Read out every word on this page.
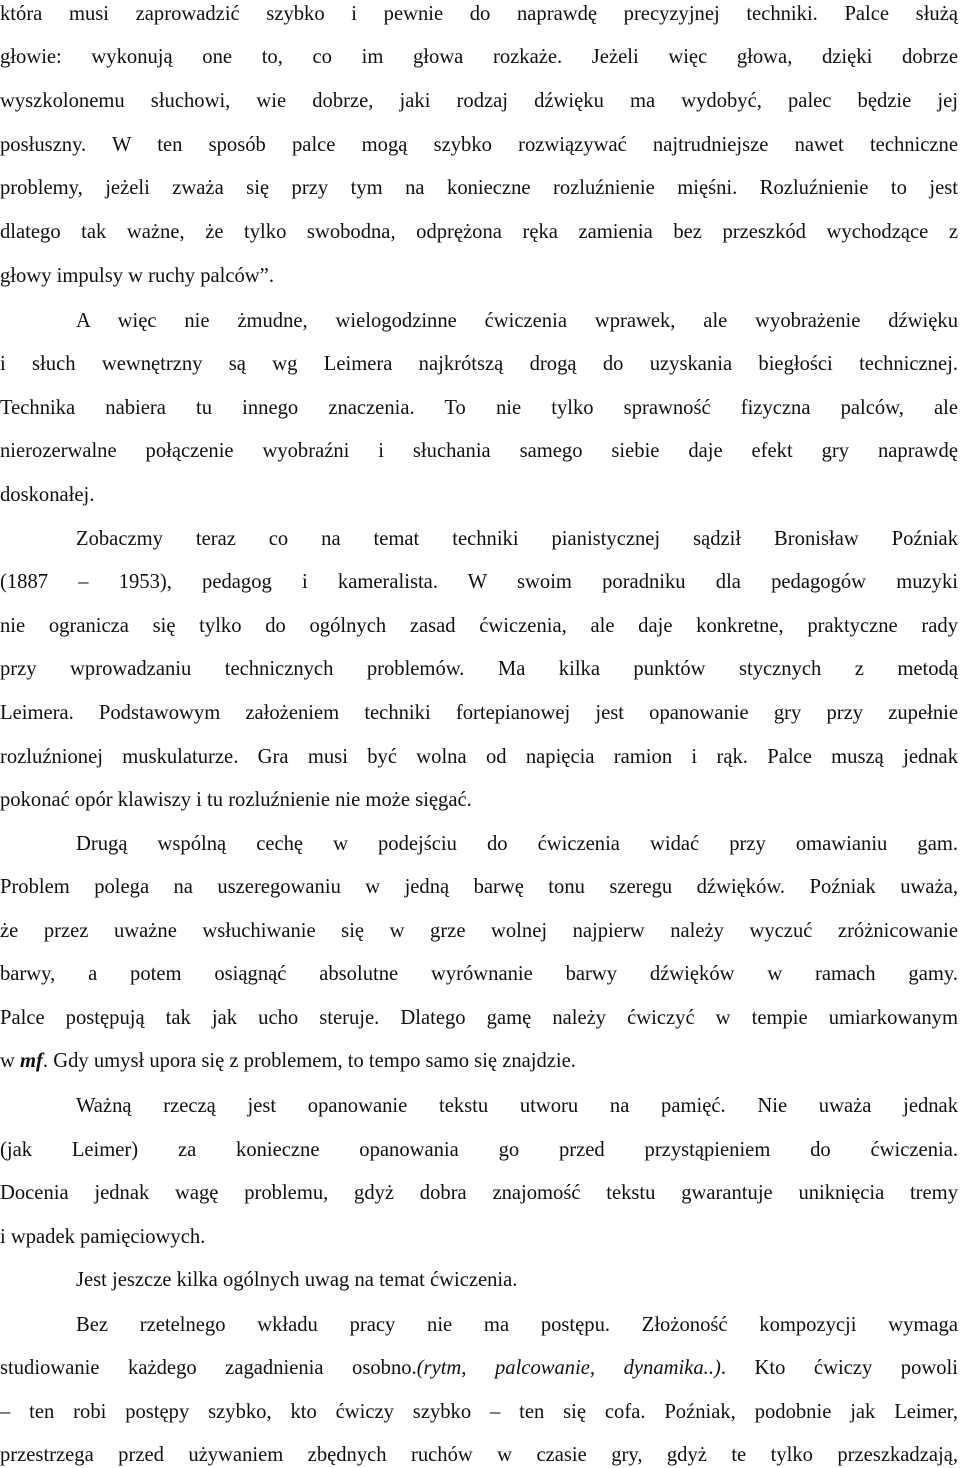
która musi zaprowadzić szybko i pewnie do naprawdę precyzyjnej techniki. Palce służą
głowie: wykonują one to, co im głowa rozkaże. Jeżeli więc głowa, dzięki dobrze
wyszkolonemu słuchowi, wie dobrze, jaki rodzaj dźwięku ma wydobyć, palec będzie jej
posłuszny. W ten sposób palce mogą szybko rozwiązywać najtrudniejsze nawet techniczne
problemy, jeżeli zważa się przy tym na konieczne rozluźnienie mięśni. Rozluźnienie to jest
dlatego tak ważne, że tylko swobodna, odprężona ręka zamienia bez przeszkód wychodzące z
głowy impulsy w ruchy palców”.
A więc nie żmudne, wielogodzinne ćwiczenia wprawek, ale wyobrażenie dźwięku
i słuch wewnętrzny są wg Leimera najkrótszą drogą do uzyskania biegłości technicznej.
Technika nabiera tu innego znaczenia. To nie tylko sprawność fizyczna palców, ale
nierozerwalne połączenie wyobraźni i słuchania samego siebie daje efekt gry naprawdę
doskonałej.
Zobaczmy teraz co na temat techniki pianistycznej sądził Bronisław Poźniak
(1887 – 1953), pedagog i kameralista. W swoim poradniku dla pedagogów muzyki
nie ogranicza się tylko do ogólnych zasad ćwiczenia, ale daje konkretne, praktyczne rady
przy wprowadzaniu technicznych problemów. Ma kilka punktów stycznych z metodą
Leimera. Podstawowym założeniem techniki fortepianowej jest opanowanie gry przy zupełnie
rozluźnionej muskulaturze. Gra musi być wolna od napięcia ramion i rąk. Palce muszą jednak
pokonać opór klawiszy i tu rozluźnienie nie może sięgać.
Drugą wspólną cechę w podejściu do ćwiczenia widać przy omawianiu gam.
Problem polega na uszeregowaniu w jedną barwę tonu szeregu dźwięków. Poźniak uważa,
że przez uważne wsłuchiwanie się w grze wolnej najpierw należy wyczuć zróżnicowanie
barwy, a potem osiągnąć absolutne wyrównanie barwy dźwięków w ramach gamy.
Palce postępują tak jak ucho steruje. Dlatego gamę należy ćwiczyć w tempie umiarkowanym
w mf. Gdy umysł upora się z problemem, to tempo samo się znajdzie.
Ważną rzeczą jest opanowanie tekstu utworu na pamięć. Nie uważa jednak
(jak Leimer) za konieczne opanowania go przed przystąpieniem do ćwiczenia.
Docenia jednak wagę problemu, gdyż dobra znajomość tekstu gwarantuje uniknięcia tremy
i wpadek pamięciowych.
Jest jeszcze kilka ogólnych uwag na temat ćwiczenia.
Bez rzetelnego wkładu pracy nie ma postępu. Złożoność kompozycji wymaga
studiowanie każdego zagadnienia osobno.(rytm, palcowanie, dynamika..). Kto ćwiczy powoli
– ten robi postępy szybko, kto ćwiczy szybko – ten się cofa. Poźniak, podobnie jak Leimer,
przestrzega przed używaniem zbędnych ruchów w czasie gry, gdyż te tylko przeszkadzają,
